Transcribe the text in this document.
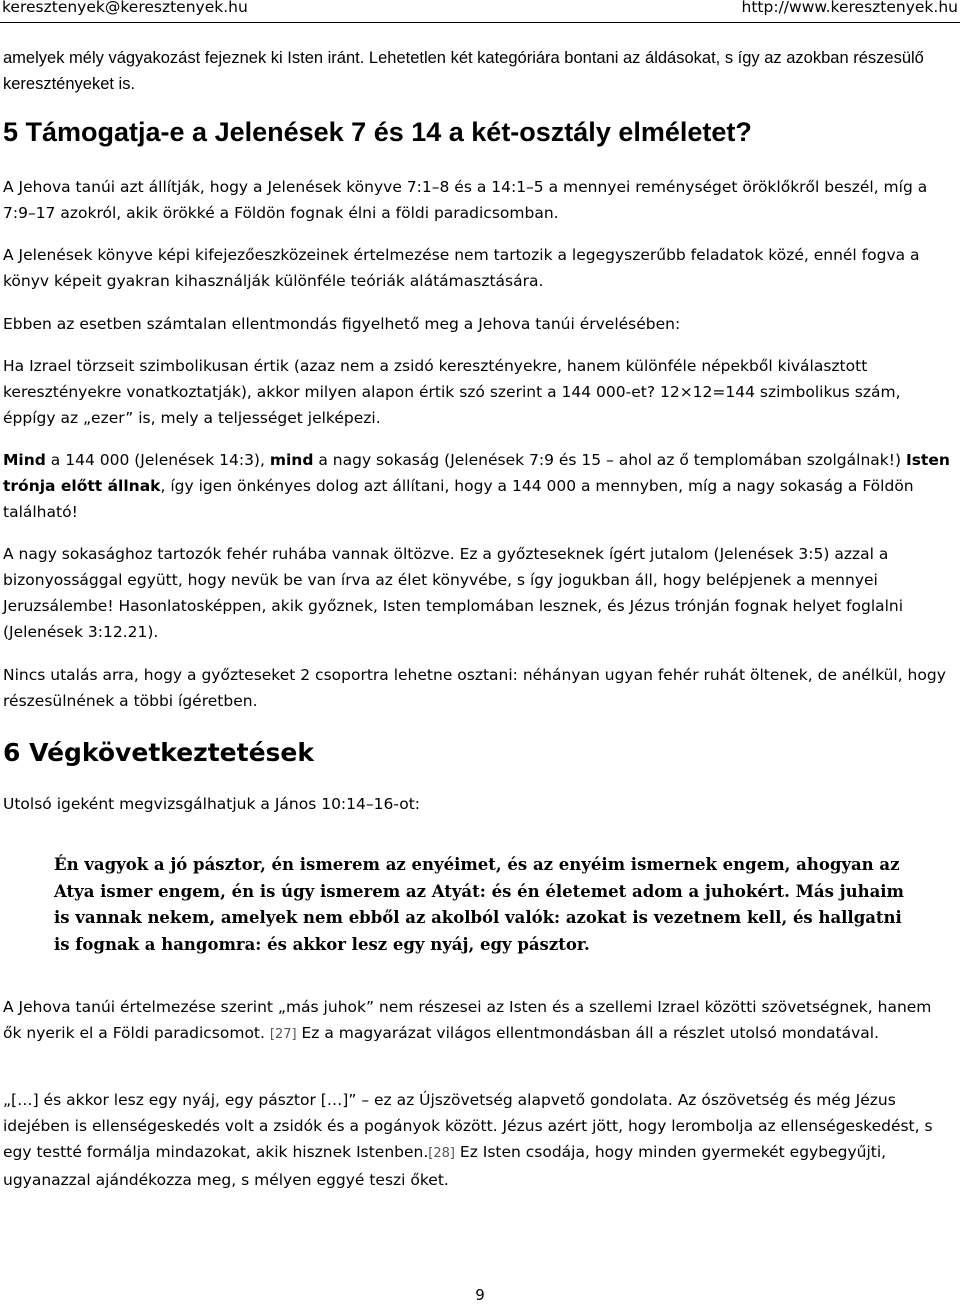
keresztenyek@keresztenyek.hu	http://www.keresztenyek.hu
amelyek mély vágyakozást fejeznek ki Isten iránt. Lehetetlen két kategóriára bontani az áldásokat, s így az azokban részesülő keresztényeket is.
5 Támogatja-e a Jelenések 7 és 14 a két-osztály elméletet?
A Jehova tanúi azt állítják, hogy a Jelenések könyve 7:1–8 és a 14:1–5 a mennyei reménységet öröklőkről beszél, míg a 7:9–17 azokról, akik örökké a Földön fognak élni a földi paradicsomban.
A Jelenések könyve képi kifejezőeszközeinek értelmezése nem tartozik a legegyszerűbb feladatok közé, ennél fogva a könyv képeit gyakran kihasználják különféle teóriák alátámasztására.
Ebben az esetben számtalan ellentmondás figyelhető meg a Jehova tanúi érvelésében:
Ha Izrael törzseit szimbolikusan értik (azaz nem a zsidó keresztényekre, hanem különféle népekből kiválasztott keresztényekre vonatkoztatják), akkor milyen alapon értik szó szerint a 144 000-et? 12×12=144 szimbolikus szám, éppígy az „ezer” is, mely a teljességet jelképezi.
Mind a 144 000 (Jelenések 14:3), mind a nagy sokaság (Jelenések 7:9 és 15 – ahol az ő templomában szolgálnak!) Isten trónja előtt állnak, így igen önkényes dolog azt állítani, hogy a 144 000 a mennyben, míg a nagy sokaság a Földön található!
A nagy sokasághoz tartozók fehér ruhába vannak öltözve. Ez a győzteseknek ígért jutalom (Jelenések 3:5) azzal a bizonyossággal együtt, hogy nevük be van írva az élet könyvébe, s így jogukban áll, hogy belépjenek a mennyei Jeruzsálembe! Hasonlatosképpen, akik győznek, Isten templomában lesznek, és Jézus trónján fognak helyet foglalni (Jelenések 3:12.21).
Nincs utalás arra, hogy a győzteseket 2 csoportra lehetne osztani: néhányan ugyan fehér ruhát öltenek, de anélkül, hogy részesülnének a többi ígéretben.
6 Végkövetkeztetések
Utolsó igeként megvizsgálhatjuk a János 10:14–16-ot:
Én vagyok a jó pásztor, én ismerem az enyéimet, és az enyéim ismernek engem, ahogyan az Atya ismer engem, én is úgy ismerem az Atyát: és én életemet adom a juhokért. Más juhaim is vannak nekem, amelyek nem ebből az akolból valók: azokat is vezetnem kell, és hallgatni is fognak a hangomra: és akkor lesz egy nyáj, egy pásztor.
A Jehova tanúi értelmezése szerint „más juhok” nem részesei az Isten és a szellemi Izrael közötti szövetségnek, hanem ők nyerik el a Földi paradicsomot. [27] Ez a magyarázat világos ellentmondásban áll a részlet utolsó mondatával.
„[…] és akkor lesz egy nyáj, egy pásztor […]” – ez az Újszövetség alapvető gondolata. Az ószövetség és még Jézus idejében is ellenségeskedés volt a zsidók és a pogányok között. Jézus azért jött, hogy lerombolja az ellenségeskedést, s egy testté formálja mindazokat, akik hisznek Istenben.[28] Ez Isten csodája, hogy minden gyermekét egybegyűjti, ugyanazzal ajándékozza meg, s mélyen eggyé teszi őket.
9
